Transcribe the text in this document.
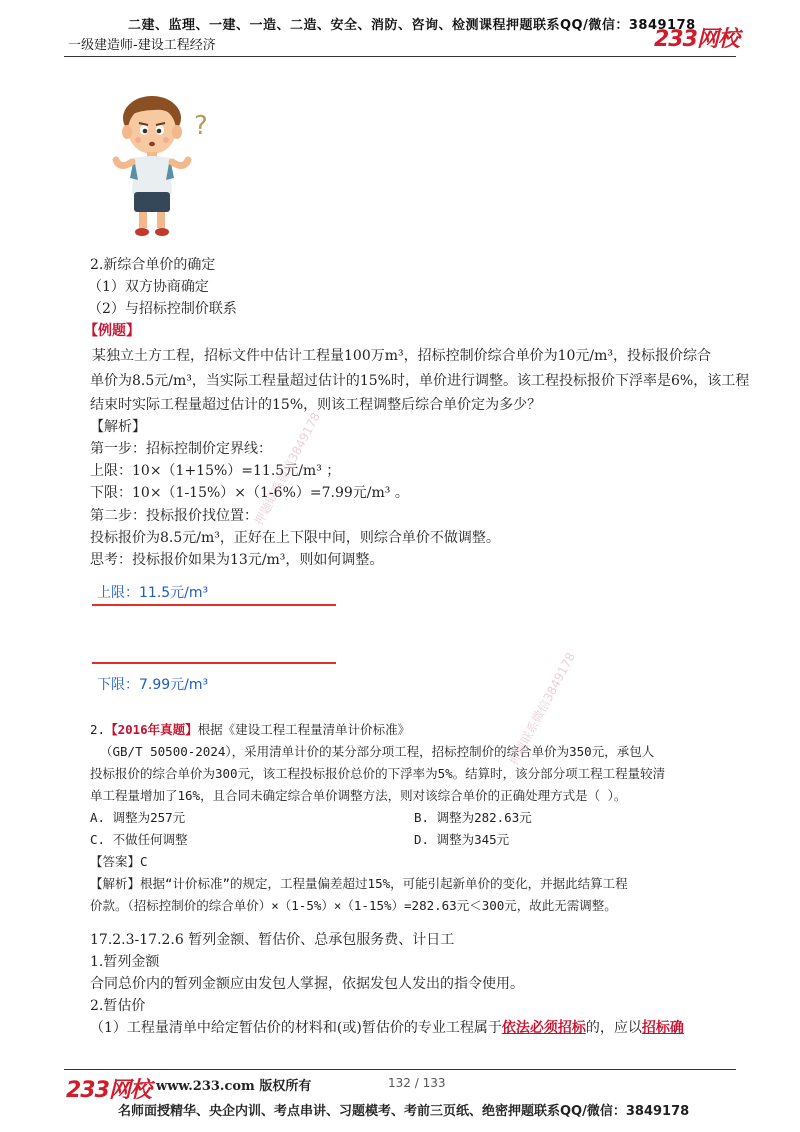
二建、监理、一建、一造、二造、安全、消防、咨询、检测课程押题联系QQ/微信：3849178
一级建造师-建设工程经济	233网校
?
2.新综合单价的确定
（1）双方协商确定
（2）与招标控制价联系
【例题】
某独立土方工程，招标文件中估计工程量100万m³，招标控制价综合单价为10元/m³，投标报价综合
单价为8.5元/m³，当实际工程量超过估计的15%时，单价进行调整。该工程投标报价下浮率是6%，该工程
结束时实际工程量超过估计的15%，则该工程调整后综合单价定为多少？
【解析】
第一步：招标控制价定界线：
上限：10×（1+15%）=11.5元/m³ ；
下限：10×（1-15%）×（1-6%）=7.99元/m³ 。
第二步：投标报价找位置：
投标报价为8.5元/m³，正好在上下限中间，则综合单价不做调整。
思考：投标报价如果为13元/m³，则如何调整。
上限：11.5元/m³
下限：7.99元/m³
2.【2016年真题】根据《建设工程工程量清单计价标准》
（GB/T 50500-2024），采用清单计价的某分部分项工程，招标控制价的综合单价为350元，承包人
投标报价的综合单价为300元，该工程投标报价总价的下浮率为5%。结算时，该分部分项工程工程量较清
单工程量增加了16%，且合同未确定综合单价调整方法，则对该综合单价的正确处理方式是（ ）。
A. 调整为257元	B. 调整为282.63元
C. 不做任何调整	D. 调整为345元
【答案】C
【解析】根据“计价标准”的规定，工程量偏差超过15%，可能引起新单价的变化，并据此结算工程
价款。（招标控制价的综合单价）×（1-5%）×（1-15%）=282.63元＜300元，故此无需调整。
17.2.3-17.2.6 暂列金额、暂估价、总承包服务费、计日工
1.暂列金额
合同总价内的暂列金额应由发包人掌握，依据发包人发出的指令使用。
2.暂估价
（1）工程量清单中给定暂估价的材料和(或)暂估价的专业工程属于依法必须招标的，应以招标确
押题联系微信3849178
押题联系微信3849178
233网校 www.233.com 版权所有	132 / 133
名师面授精华、央企内训、考点串讲、习题模考、考前三页纸、绝密押题联系QQ/微信：3849178
